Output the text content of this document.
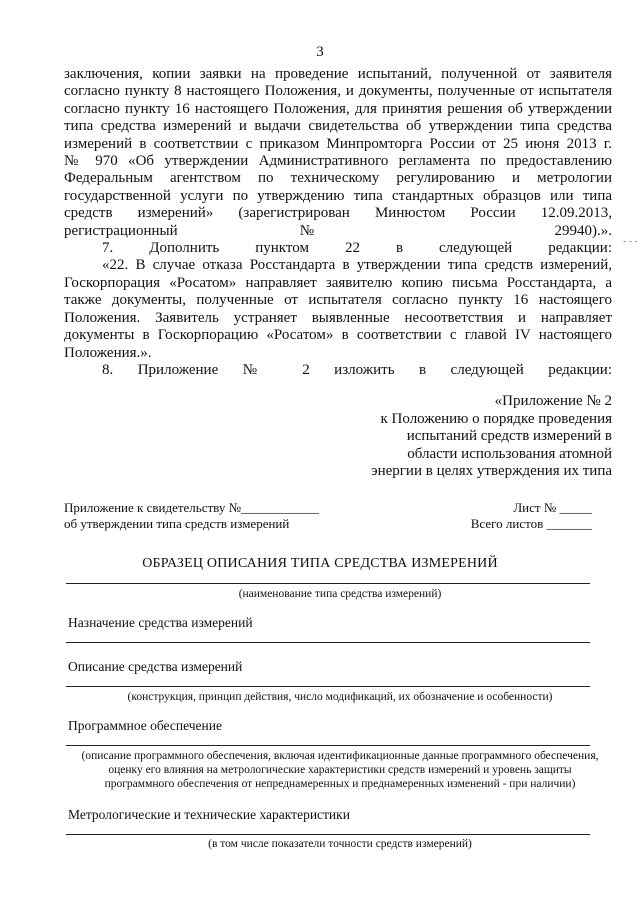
3
заключения, копии заявки на проведение испытаний, полученной от заявителя
согласно пункту 8 настоящего Положения, и документы, полученные от испытателя
согласно пункту 16 настоящего Положения, для принятия решения об утверждении
типа средства измерений и выдачи свидетельства об утверждении типа средства
измерений в соответствии с приказом Минпромторга России от 25 июня 2013 г.
№ 970 «Об утверждении Административного регламента по предоставлению
Федеральным агентством по техническому регулированию и метрологии
государственной услуги по утверждению типа стандартных образцов или типа
средств измерений» (зарегистрирован Минюстом России 12.09.2013,
регистрационный № 29940).».
7. Дополнить пунктом 22 в следующей редакции:
«22. В случае отказа Росстандарта в утверждении типа средств измерений,
Госкорпорация «Росатом» направляет заявителю копию письма Росстандарта, а
также документы, полученные от испытателя согласно пункту 16 настоящего
Положения. Заявитель устраняет выявленные несоответствия и направляет
документы в Госкорпорацию «Росатом» в соответствии с главой IV настоящего
Положения.».
8. Приложение № 2 изложить в следующей редакции:
«Приложение № 2
к Положению о порядке проведения
испытаний средств измерений в
области использования атомной
энергии в целях утверждения их типа
Приложение к свидетельству №____________
об утверждении типа средств измерений
Лист № _____
Всего листов _______
ОБРАЗЕЦ ОПИСАНИЯ ТИПА СРЕДСТВА ИЗМЕРЕНИЙ
(наименование типа средства измерений)
Назначение средства измерений
Описание средства измерений
(конструкция, принцип действия, число модификаций, их обозначение и особенности)
Программное обеспечение
(описание программного обеспечения, включая идентификационные данные программного обеспечения,
оценку его влияния на метрологические характеристики средств измерений и уровень защиты
программного обеспечения от непреднамеренных и преднамеренных изменений - при наличии)
Метрологические и технические характеристики
(в том числе показатели точности средств измерений)
- - -
